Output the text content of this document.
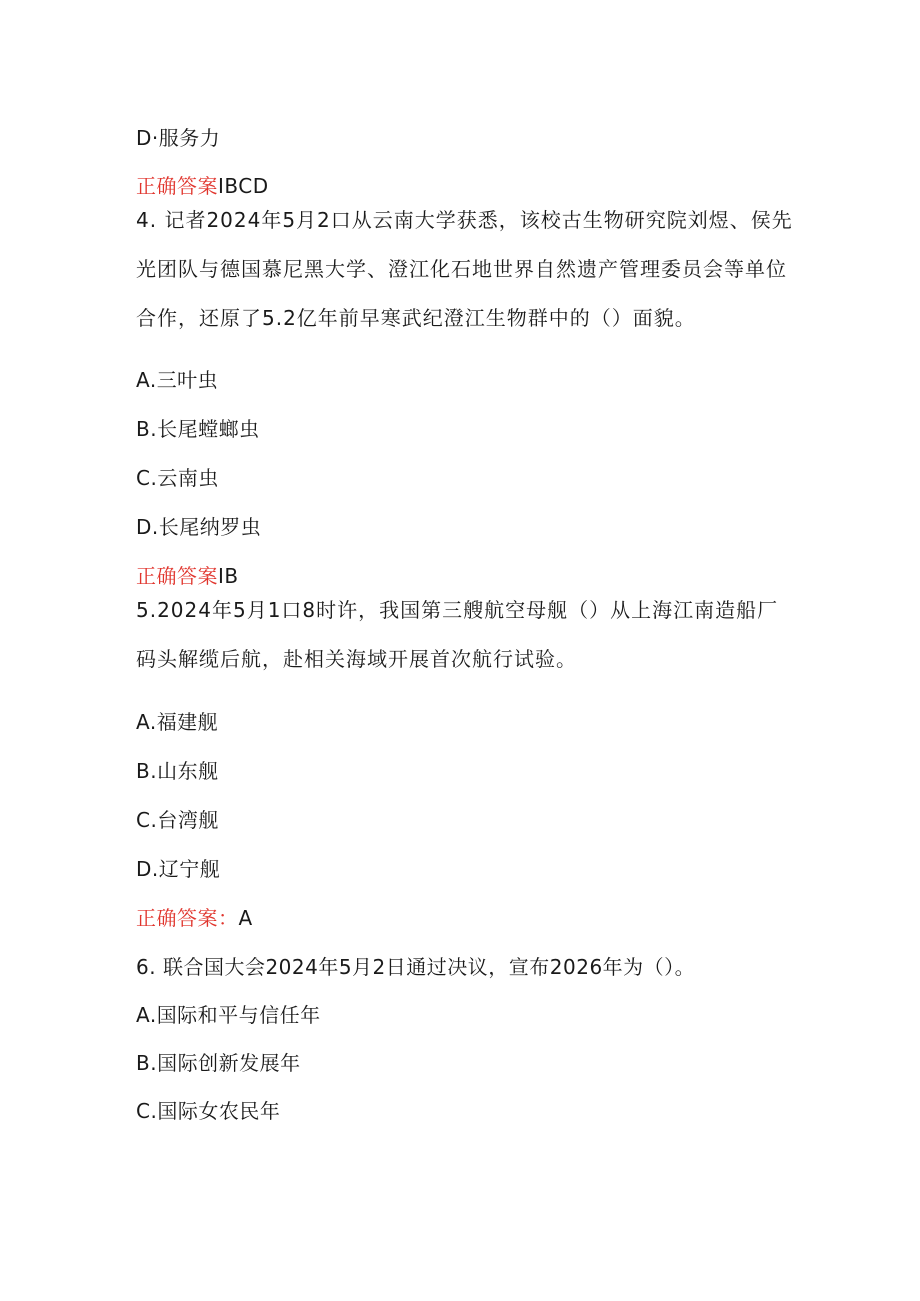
D·服务力
正确答案IBCD
4. 记者2024年5月2口从云南大学获悉，该校古生物研究院刘煜、侯先光团队与德国慕尼黑大学、澄江化石地世界自然遗产管理委员会等单位合作，还原了5.2亿年前早寒武纪澄江生物群中的（）面貌。
A.三叶虫
B.长尾螳螂虫
C.云南虫
D.长尾纳罗虫
正确答案IB
5.2024年5月1口8时许，我国第三艘航空母舰（）从上海江南造船厂码头解缆后航，赴相关海域开展首次航行试验。
A.福建舰
B.山东舰
C.台湾舰
D.辽宁舰
正确答案：A
6. 联合国大会2024年5月2日通过决议，宣布2026年为（）。
A.国际和平与信任年
B.国际创新发展年
C.国际女农民年
